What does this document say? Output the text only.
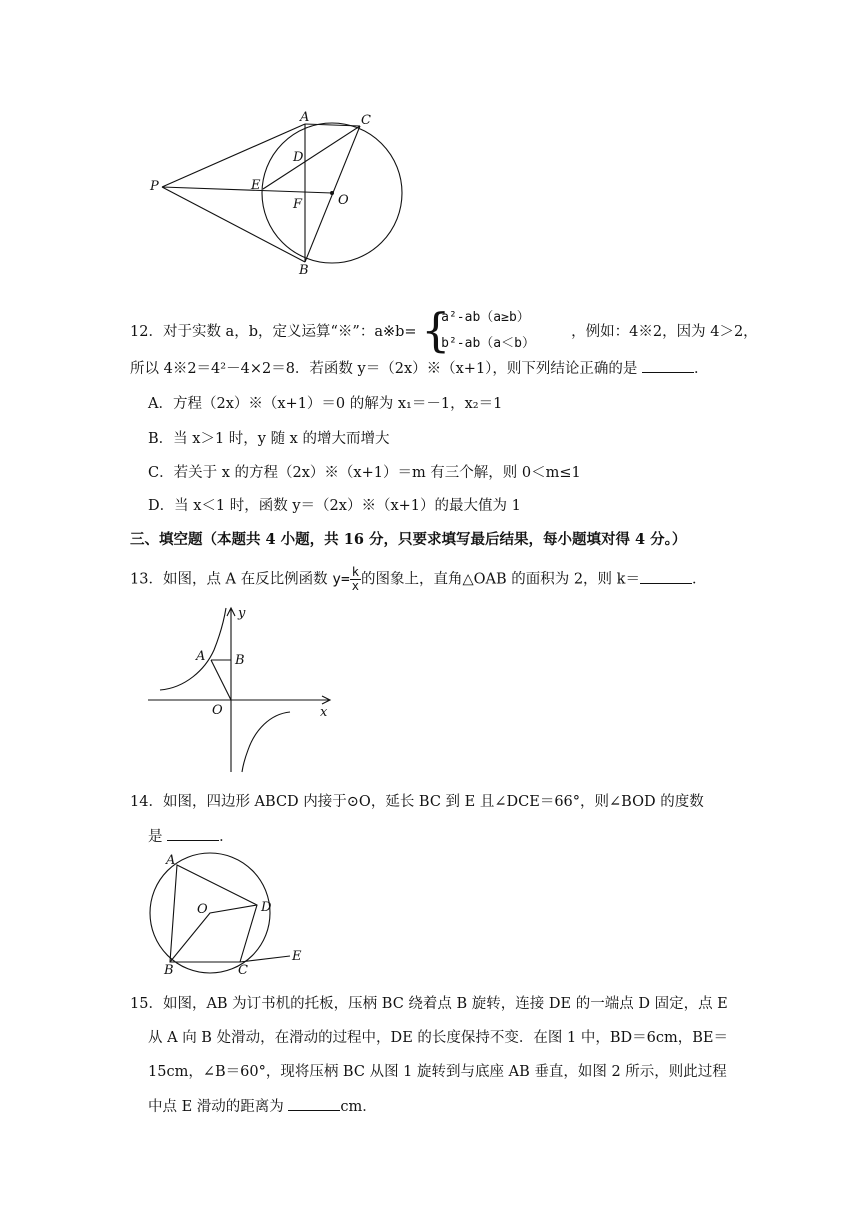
A	C
D
P	E
F	O
B
12．对于实数 a，b，定义运算“※”：a※b= {
a²-ab（a≥b）
b²-ab（a＜b）
，例如：4※2，因为 4＞2，
所以 4※2＝4²－4×2＝8．若函数 y＝（2x）※（x+1），则下列结论正确的是	．
A．方程（2x）※（x+1）＝0 的解为 x₁＝－1，x₂＝1
B．当 x＞1 时，y 随 x 的增大而增大
C．若关于 x 的方程（2x）※（x+1）＝m 有三个解，则 0＜m≤1
D．当 x＜1 时，函数 y＝（2x）※（x+1）的最大值为 1
三、填空题（本题共 4 小题，共 16 分，只要求填写最后结果，每小题填对得 4 分。）
13．如图，点 A 在反比例函数 $y= \frac{k}{x}$ 的图象上，直角△OAB 的面积为 2，则 k＝	．
y
A B
O	x
14．如图，四边形 ABCD 内接于⊙O，延长 BC 到 E 且∠DCE＝66°，则∠BOD 的度数
是	．
A
O	D
B	C
E
15．如图，AB 为订书机的托板，压柄 BC 绕着点 B 旋转，连接 DE 的一端点 D 固定，点 E
从 A 向 B 处滑动，在滑动的过程中，DE 的长度保持不变．在图 1 中，BD＝6cm，BE＝
15cm，∠B＝60°，现将压柄 BC 从图 1 旋转到与底座 AB 垂直，如图 2 所示，则此过程
中点 E 滑动的距离为	cm．
